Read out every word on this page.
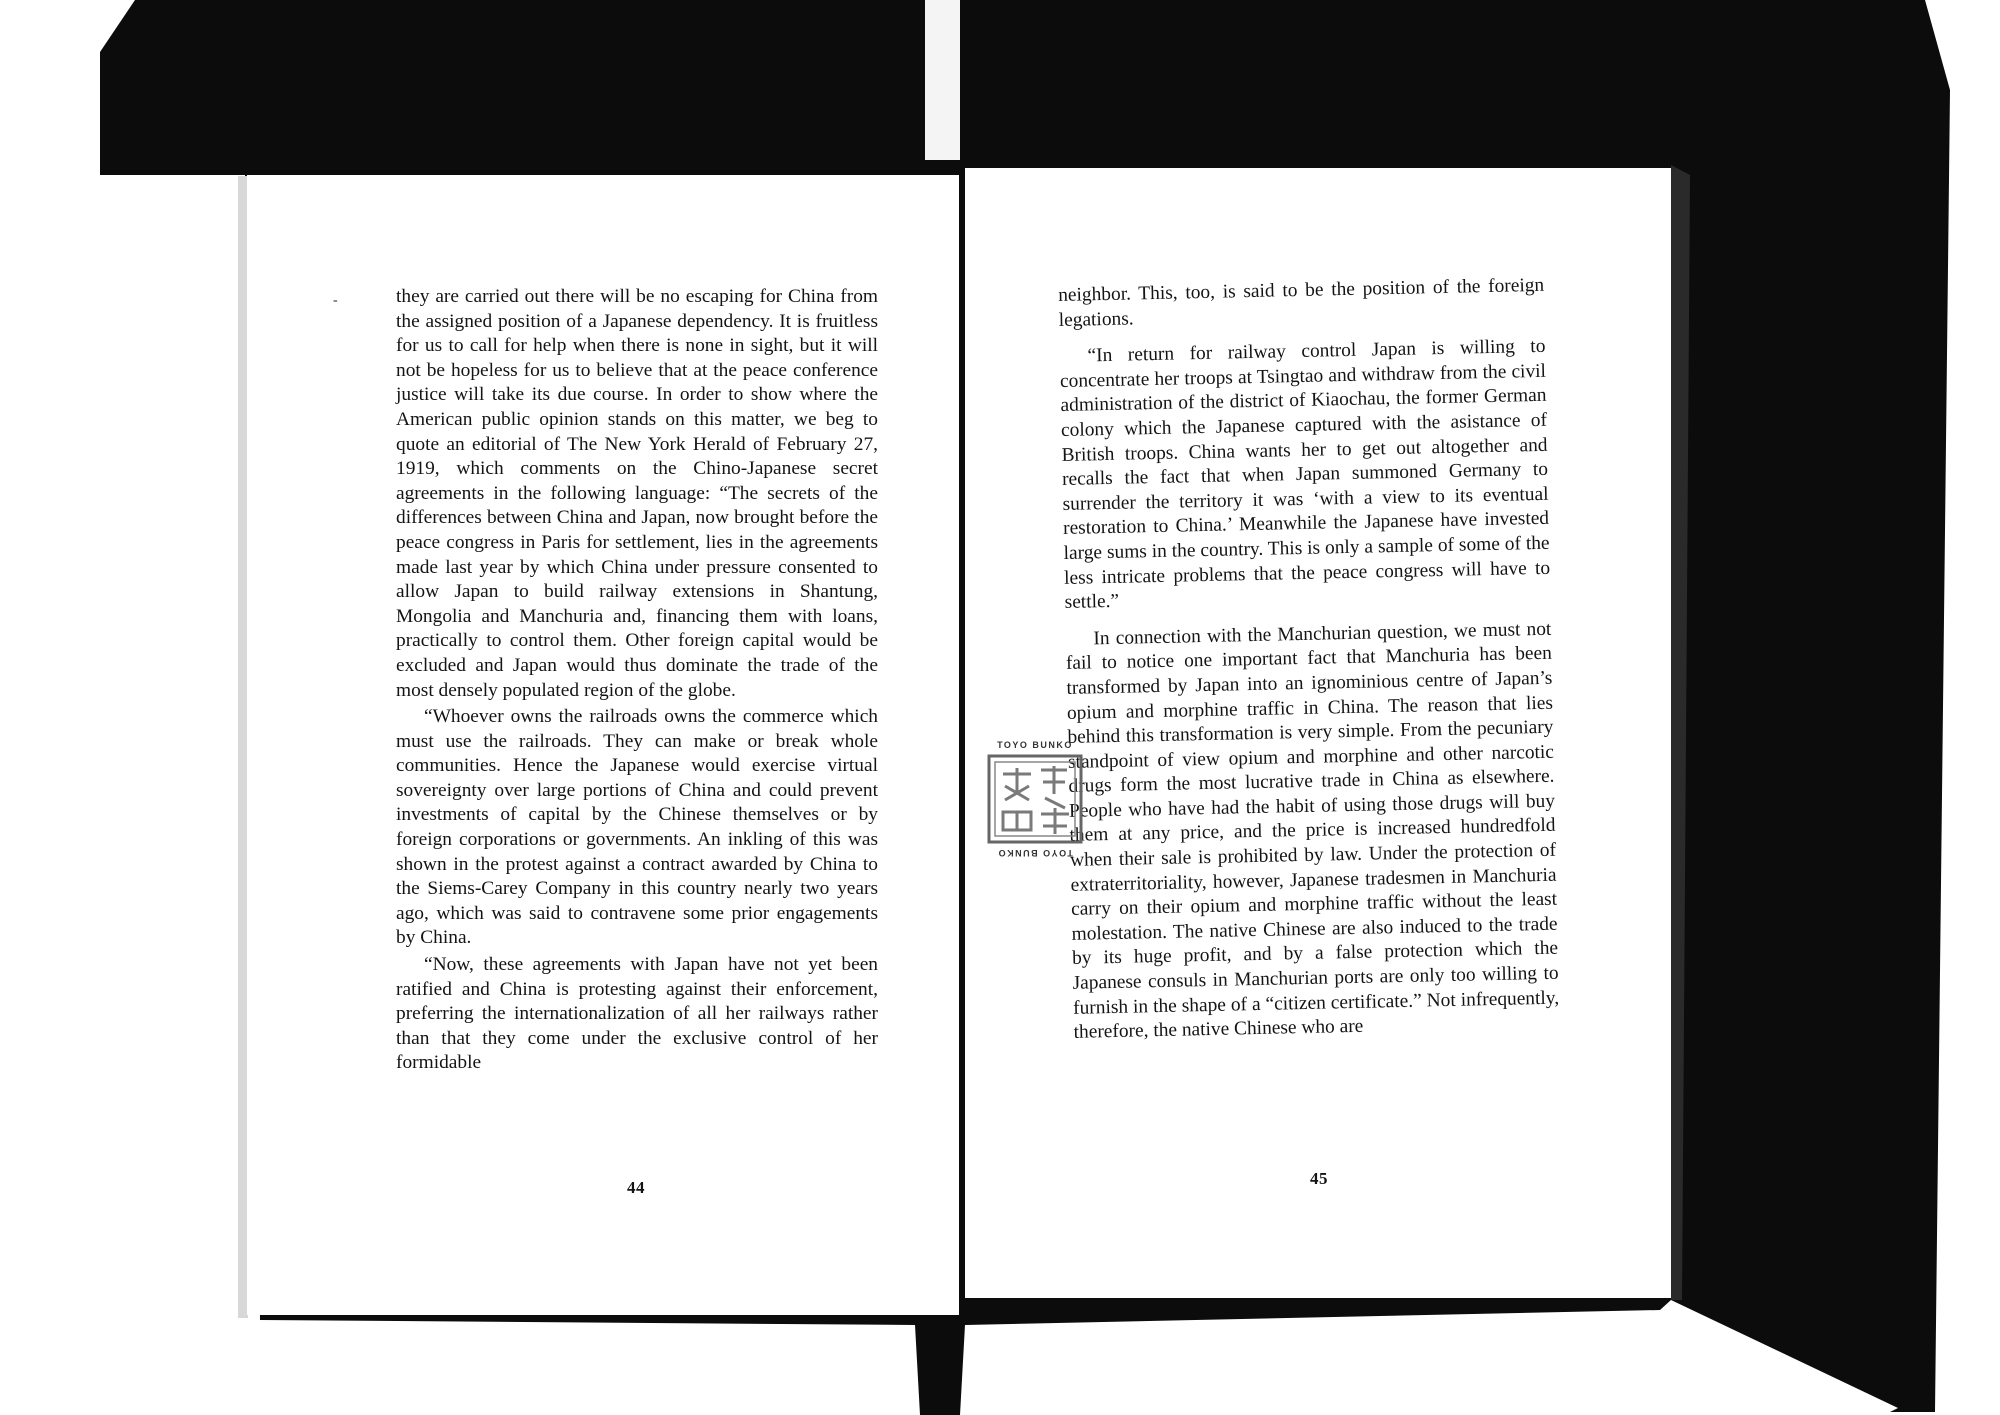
they are carried out there will be no escaping for China from the assigned position of a Japanese dependency. It is fruitless for us to call for help when there is none in sight, but it will not be hopeless for us to believe that at the peace conference justice will take its due course. In order to show where the American public opinion stands on this matter, we beg to quote an editorial of The New York Herald of February 27, 1919, which comments on the Chino-Japanese secret agreements in the following language: “The secrets of the differences between China and Japan, now brought before the peace congress in Paris for settlement, lies in the agreements made last year by which China under pressure consented to allow Japan to build railway extensions in Shantung, Mongolia and Manchuria and, financing them with loans, practically to control them. Other foreign capital would be excluded and Japan would thus dominate the trade of the most densely populated region of the globe.

“Whoever owns the railroads owns the commerce which must use the railroads. They can make or break whole communities. Hence the Japanese would exercise virtual sovereignty over large portions of China and could prevent investments of capital by the Chinese themselves or by foreign corporations or governments. An inkling of this was shown in the protest against a contract awarded by China to the Siems-Carey Company in this country nearly two years ago, which was said to contravene some prior engagements by China.

“Now, these agreements with Japan have not yet been ratified and China is protesting against their enforcement, preferring the internationalization of all her railways rather than that they come under the exclusive control of her formidable

44
-	neighbor. This, too, is said to be the position of the foreign legations.

“In return for railway control Japan is willing to concentrate her troops at Tsingtao and withdraw from the civil administration of the district of Kiaochau, the former German colony which the Japanese captured with the asistance of British troops. China wants her to get out altogether and recalls the fact that when Japan summoned Germany to surrender the territory it was ‘with a view to its eventual restoration to China.’ Meanwhile the Japanese have invested large sums in the country. This is only a sample of some of the less intricate problems that the peace congress will have to settle.”

In connection with the Manchurian question, we must not fail to notice one important fact that Manchuria has been transformed by Japan into an ignominious centre of Japan’s opium and morphine traffic in China. The reason that lies behind this transformation is very simple. From the pecuniary standpoint of view opium and morphine and other narcotic drugs form the most lucrative trade in China as elsewhere. People who have had the habit of using those drugs will buy them at any price, and the price is increased hundredfold when their sale is prohibited by law. Under the protection of extraterritoriality, however, Japanese tradesmen in Manchuria carry on their opium and morphine traffic without the least molestation. The native Chinese are also induced to the trade by its huge profit, and by a false protection which the Japanese consuls in Manchurian ports are only too willing to furnish in the shape of a “citizen certificate.” Not infrequently, therefore, the native Chinese who are

45
TOYO BUNKO
TOYO BUNKO
